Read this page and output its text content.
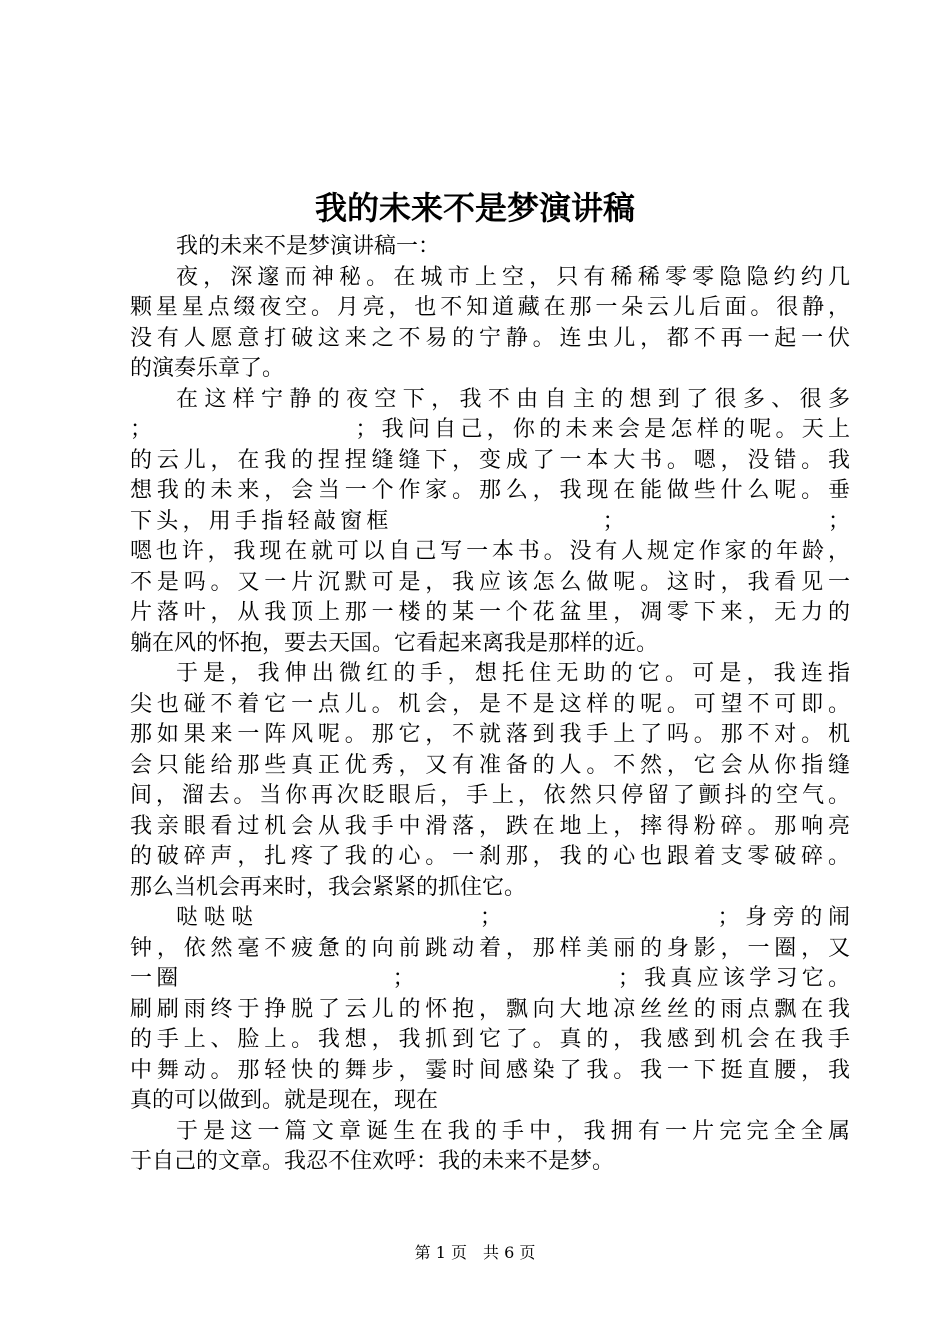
我的未来不是梦演讲稿
我的未来不是梦演讲稿一：
夜，深邃而神秘。在城市上空，只有稀稀零零隐隐约约几
颗星星点缀夜空。月亮，也不知道藏在那一朵云儿后面。很静，
没有人愿意打破这来之不易的宁静。连虫儿，都不再一起一伏
的演奏乐章了。
在这样宁静的夜空下，我不由自主的想到了很多、很多
；　　　　　　　　；我问自己，你的未来会是怎样的呢。天上
的云儿，在我的捏捏缝缝下，变成了一本大书。嗯，没错。我
想我的未来，会当一个作家。那么，我现在能做些什么呢。垂
下头，用手指轻敲窗框　　　　　　　　；　　　　　　　　；
嗯也许，我现在就可以自己写一本书。没有人规定作家的年龄，
不是吗。又一片沉默可是，我应该怎么做呢。这时，我看见一
片落叶，从我顶上那一楼的某一个花盆里，凋零下来，无力的
躺在风的怀抱，要去天国。它看起来离我是那样的近。
于是，我伸出微红的手，想托住无助的它。可是，我连指
尖也碰不着它一点儿。机会，是不是这样的呢。可望不可即。
那如果来一阵风呢。那它，不就落到我手上了吗。那不对。机
会只能给那些真正优秀，又有准备的人。不然，它会从你指缝
间，溜去。当你再次眨眼后，手上，依然只停留了颤抖的空气。
我亲眼看过机会从我手中滑落，跌在地上，摔得粉碎。那响亮
的破碎声，扎疼了我的心。一刹那，我的心也跟着支零破碎。
那么当机会再来时，我会紧紧的抓住它。
哒哒哒　　　　　　　　；　　　　　　　　；身旁的闹
钟，依然毫不疲惫的向前跳动着，那样美丽的身影，一圈，又
一圈　　　　　　　　；　　　　　　　　；我真应该学习它。
刷刷雨终于挣脱了云儿的怀抱，飘向大地凉丝丝的雨点飘在我
的手上、脸上。我想，我抓到它了。真的，我感到机会在我手
中舞动。那轻快的舞步，霎时间感染了我。我一下挺直腰，我
真的可以做到。就是现在，现在
于是这一篇文章诞生在我的手中，我拥有一片完完全全属
于自己的文章。我忍不住欢呼：我的未来不是梦。
第 1 页　共 6 页
